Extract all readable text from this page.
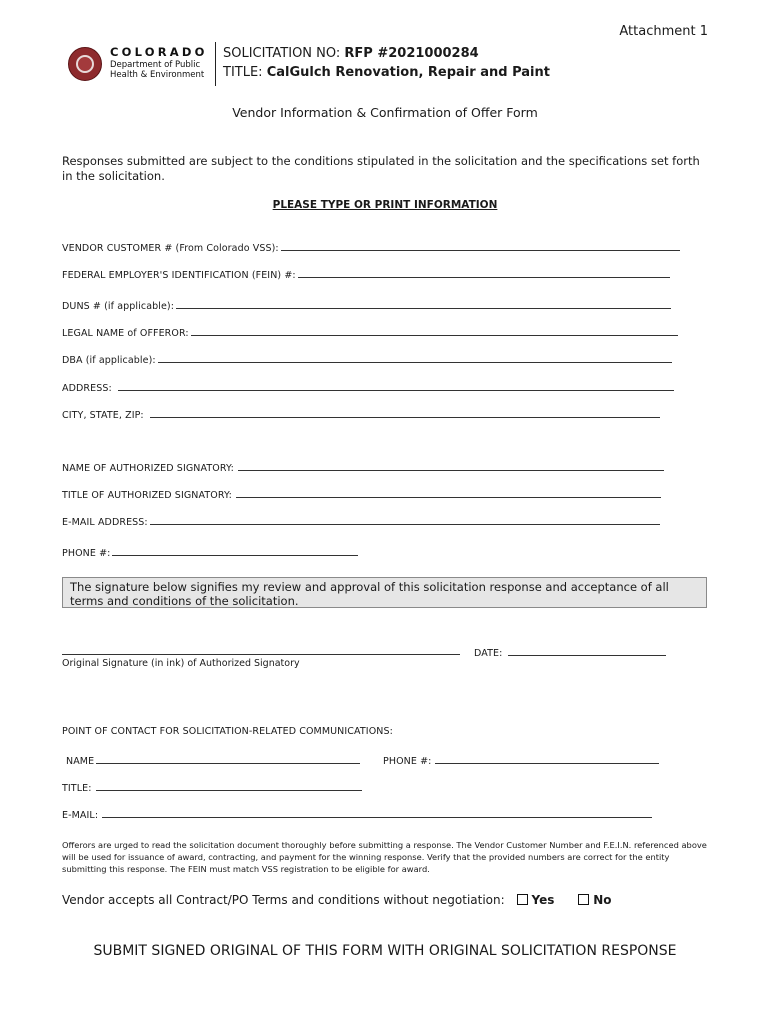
Attachment 1
COLORADO
Department of Public
Health & Environment
SOLICITATION NO: RFP #2021000284
TITLE: CalGulch Renovation, Repair and Paint
Vendor Information & Confirmation of Offer Form
Responses submitted are subject to the conditions stipulated in the solicitation and the specifications set forth in the solicitation.
PLEASE TYPE OR PRINT INFORMATION
VENDOR CUSTOMER # (From Colorado VSS):
FEDERAL EMPLOYER'S IDENTIFICATION (FEIN) #:
DUNS # (if applicable):
LEGAL NAME of OFFEROR:
DBA (if applicable):
ADDRESS:
CITY, STATE, ZIP:
NAME OF AUTHORIZED SIGNATORY:
TITLE OF AUTHORIZED SIGNATORY:
E-MAIL ADDRESS:
PHONE #:
The signature below signifies my review and approval of this solicitation response and acceptance of all terms and conditions of the solicitation.
Original Signature (in ink) of Authorized Signatory
DATE:
POINT OF CONTACT FOR SOLICITATION-RELATED COMMUNICATIONS:
NAME	PHONE #:
TITLE:
E-MAIL:
Offerors are urged to read the solicitation document thoroughly before submitting a response. The Vendor Customer Number and F.E.I.N. referenced above will be used for issuance of award, contracting, and payment for the winning response. Verify that the provided numbers are correct for the entity submitting this response. The FEIN must match VSS registration to be eligible for award.
Vendor accepts all Contract/PO Terms and conditions without negotiation: Yes	No
SUBMIT SIGNED ORIGINAL OF THIS FORM WITH ORIGINAL SOLICITATION RESPONSE
